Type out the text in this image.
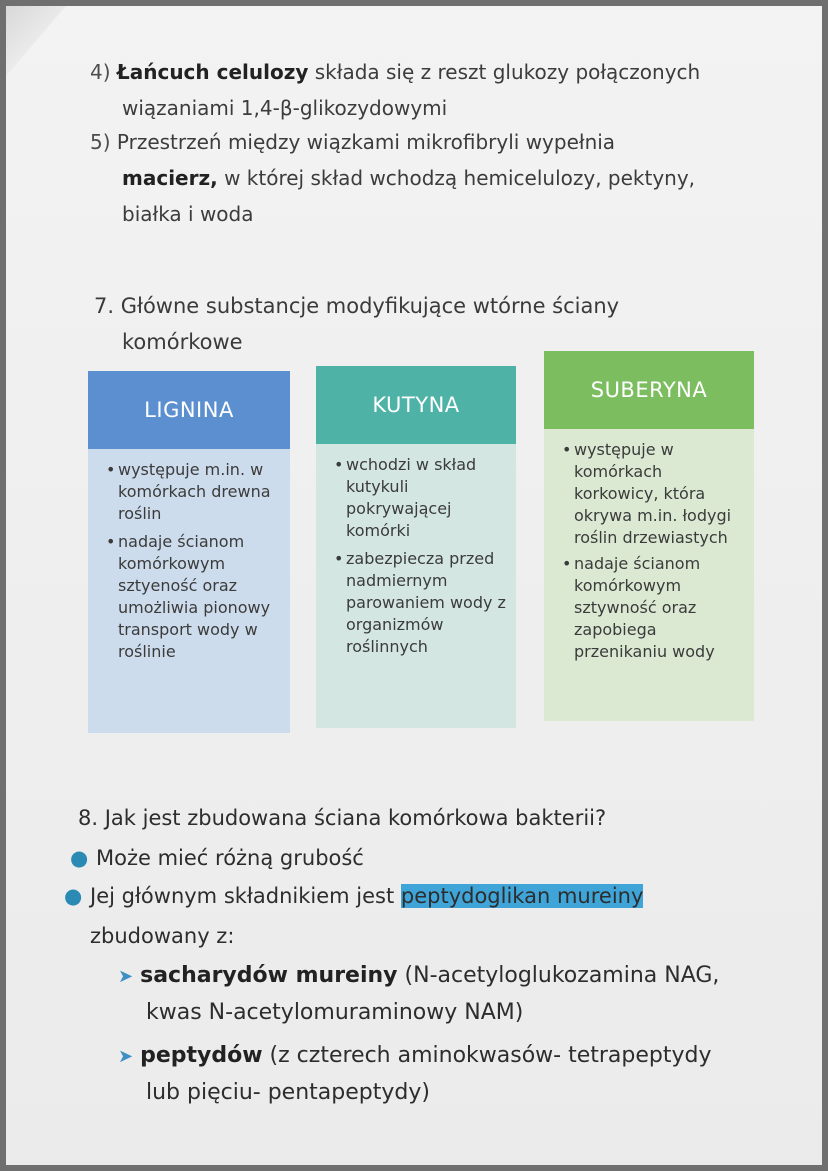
4) Łańcuch celulozy składa się z reszt glukozy połączonych
wiązaniami 1,4-β-glikozydowymi
5) Przestrzeń między wiązkami mikrofibryli wypełnia
macierz, w której skład wchodzą hemicelulozy, pektyny,
białka i woda
7. Główne substancje modyfikujące wtórne ściany
komórkowe
LIGNINA
• występuje m.in. w komórkach drewna roślin
• nadaje ścianom komórkowym sztyeność oraz umożliwia pionowy transport wody w roślinie
KUTYNA
• wchodzi w skład kutykuli pokrywającej komórki
• zabezpiecza przed nadmiernym parowaniem wody z organizmów roślinnych
SUBERYNA
• występuje w komórkach korkowicy, która okrywa m.in. łodygi roślin drzewiastych
• nadaje ścianom komórkowym sztywność oraz zapobiega przenikaniu wody
8. Jak jest zbudowana ściana komórkowa bakterii?
● Może mieć różną grubość
● Jej głównym składnikiem jest peptydoglikan mureiny
zbudowany z:
➤ sacharydów mureiny (N-acetyloglukozamina NAG,
kwas N-acetylomuraminowy NAM)
➤ peptydów (z czterech aminokwasów- tetrapeptydy
lub pięciu- pentapeptydy)
